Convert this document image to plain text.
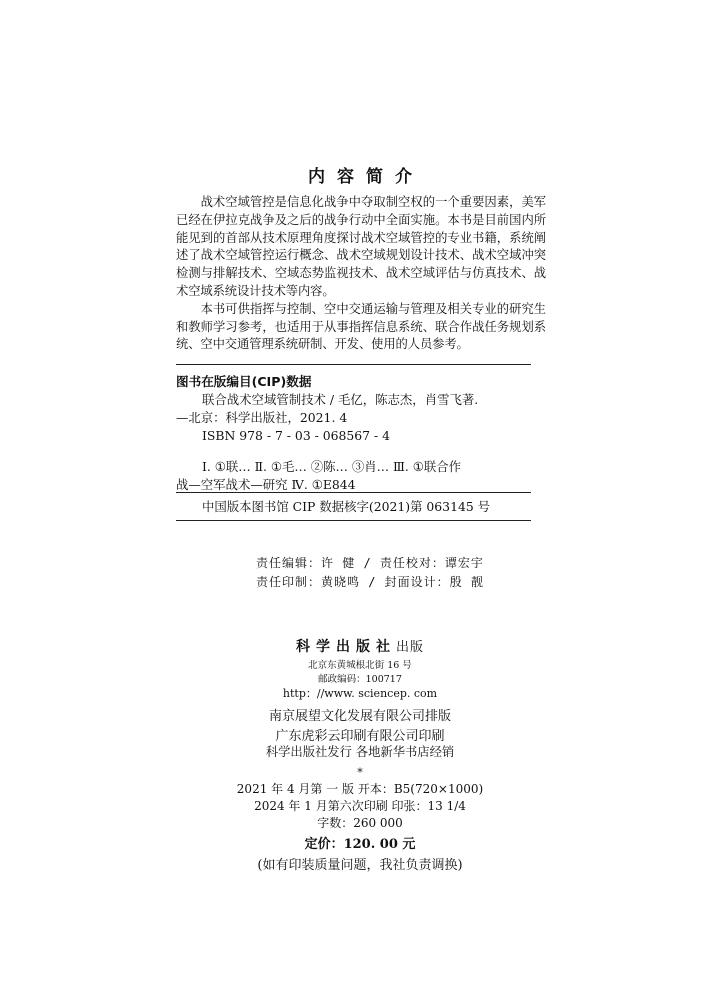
内容简介

战术空域管控是信息化战争中夺取制空权的一个重要因素，美军已经在伊拉克战争及之后的战争行动中全面实施。本书是目前国内所能见到的首部从技术原理角度探讨战术空域管控的专业书籍，系统阐述了战术空域管控运行概念、战术空域规划设计技术、战术空域冲突检测与排解技术、空域态势监视技术、战术空域评估与仿真技术、战术空域系统设计技术等内容。

本书可供指挥与控制、空中交通运输与管理及相关专业的研究生和教师学习参考，也适用于从事指挥信息系统、联合作战任务规划系统、空中交通管理系统研制、开发、使用的人员参考。

图书在版编目(CIP)数据
联合战术空域管制技术 / 毛亿，陈志杰，肖雪飞著.
—北京：科学出版社，2021. 4
ISBN 978 - 7 - 03 - 068567 - 4
Ⅰ. ①联… Ⅱ. ①毛… ②陈… ③肖… Ⅲ. ①联合作
战—空军战术—研究 Ⅳ. ①E844
中国版本图书馆 CIP 数据核字(2021)第 063145 号
责任编辑：许 健 / 责任校对：谭宏宇
责任印制：黄晓鸣 / 封面设计：殷 靓
科学出版社出版
北京东黄城根北街 16 号
邮政编码：100717
http：//www. sciencep. com
南京展望文化发展有限公司排版
广东虎彩云印刷有限公司印刷
科学出版社发行 各地新华书店经销
*
2021 年 4 月第 一 版 开本：B5(720×1000)
2024 年 1 月第六次印刷 印张：13 1/4
字数：260 000
定价：120. 00 元
(如有印装质量问题，我社负责调换)
